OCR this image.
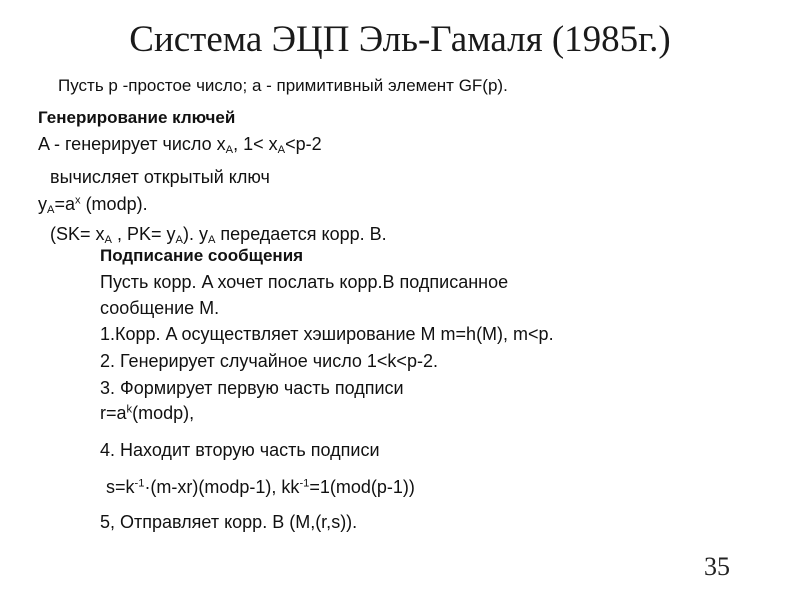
Система ЭЦП Эль-Гамаля (1985г.)
Пусть p -простое число; a - примитивный элемент GF(p).
Генерирование ключей
A - генерирует число $x_A$, $1< x_A<p-2$
вычисляет открытый ключ
$y_A=a^x$ (modp).
($SK= x_A$ , $PK= y_A$). $y_A$ передается корр. B.
Подписание сообщения
Пусть корр. A хочет послать корр.B подписанное
сообщение M.
1.Корр. A осуществляет хэширование M m=h(M), m<p.
2. Генерирует случайное число 1<k<p-2.
3. Формирует первую часть подписи
$r=a^k(modp)$,
4. Находит вторую часть подписи
$s=k^{-1}\cdot(m-xr)(modp-1)$, $kk^{-1}=1(mod(p-1))$
5, Отправляет корр. B (M,(r,s)).
35
